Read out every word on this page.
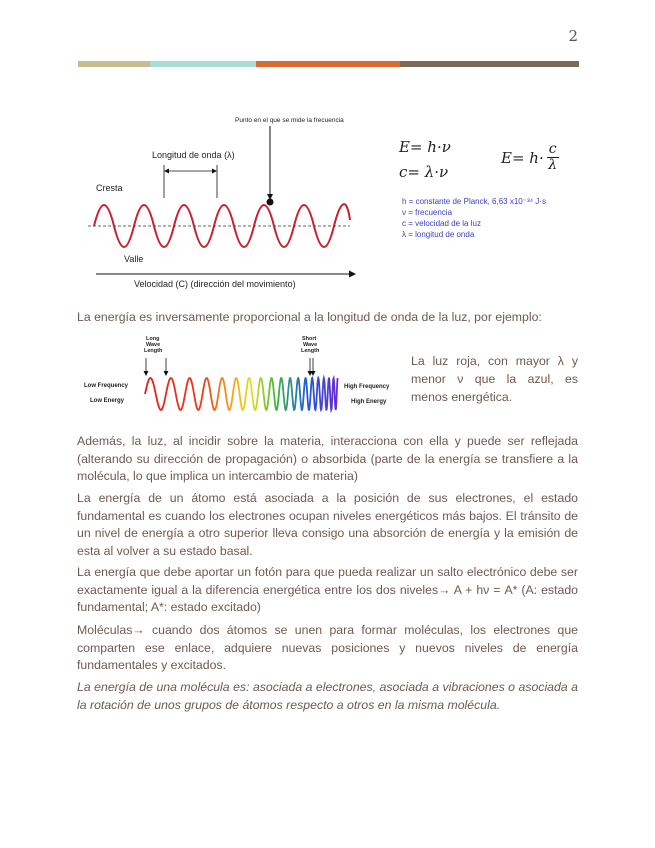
2
Punto en el que se mide la frecuencia
Longitud de onda (λ)
Cresta
Valle
Velocidad (C) (dirección del movimiento)
E= h·ν
c= λ·ν
$E = h\cdot \frac{c}{\lambda}$
h = constante de Planck, 6,63 x10⁻³⁴ J·s
ν = frecuencia
c = velocidad de la luz
λ = longitud de onda

La energía es inversamente proporcional a la longitud de onda de la luz, por ejemplo:

Long
Wave
Length
Short
Wave
Length
Low Frequency
Low Energy
High Frequency
High Energy

La luz roja, con mayor λ y menor ν que la azul, es menos energética.

Además, la luz, al incidir sobre la materia, interacciona con ella y puede ser reflejada (alterando su dirección de propagación) o absorbida (parte de la energía se transfiere a la molécula, lo que implica un intercambio de materia)

La energía de un átomo está asociada a la posición de sus electrones, el estado fundamental es cuando los electrones ocupan niveles energéticos más bajos. El tránsito de un nivel de energía a otro superior lleva consigo una absorción de energía y la emisión de esta al volver a su estado basal.

La energía que debe aportar un fotón para que pueda realizar un salto electrónico debe ser exactamente igual a la diferencia energética entre los dos niveles→ A + hν = A* (A: estado fundamental; A*: estado excitado)

Moléculas→ cuando dos átomos se unen para formar moléculas, los electrones que comparten ese enlace, adquiere nuevas posiciones y nuevos niveles de energía fundamentales y excitados.

La energía de una molécula es: asociada a electrones, asociada a vibraciones o asociada a la rotación de unos grupos de átomos respecto a otros en la misma molécula.
